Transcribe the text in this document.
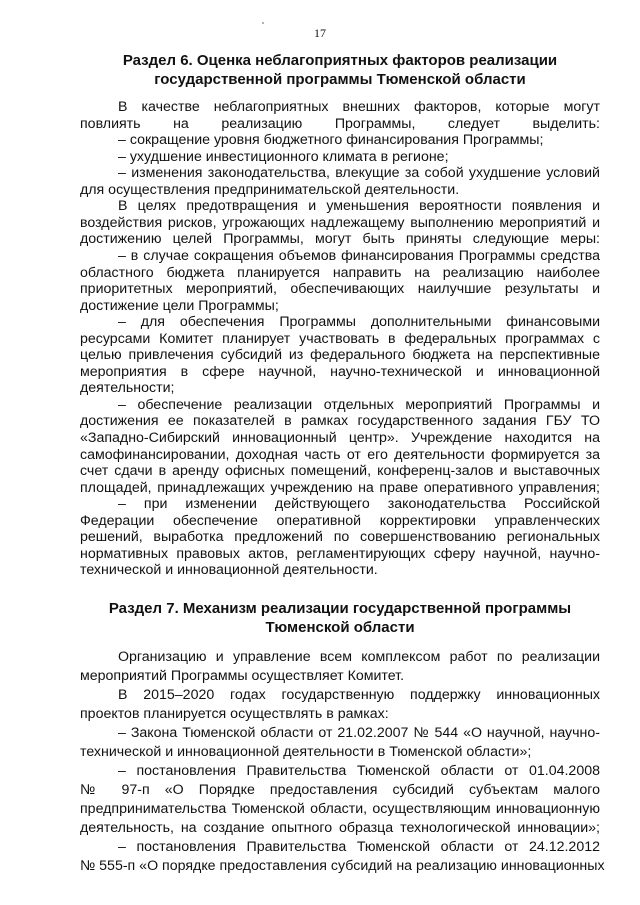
17
Раздел 6. Оценка неблагоприятных факторов реализации
государственной программы Тюменской области
В качестве неблагоприятных внешних факторов, которые могут
повлиять на реализацию Программы, следует выделить:
– сокращение уровня бюджетного финансирования Программы;
– ухудшение инвестиционного климата в регионе;
– изменения законодательства, влекущие за собой ухудшение условий
для осуществления предпринимательской деятельности.
В целях предотвращения и уменьшения вероятности появления и
воздействия рисков, угрожающих надлежащему выполнению мероприятий и
достижению целей Программы, могут быть приняты следующие меры:
– в случае сокращения объемов финансирования Программы средства
областного бюджета планируется направить на реализацию наиболее
приоритетных мероприятий, обеспечивающих наилучшие результаты и
достижение цели Программы;
– для обеспечения Программы дополнительными финансовыми
ресурсами Комитет планирует участвовать в федеральных программах с
целью привлечения субсидий из федерального бюджета на перспективные
мероприятия в сфере научной, научно-технической и инновационной
деятельности;
– обеспечение реализации отдельных мероприятий Программы и
достижения ее показателей в рамках государственного задания ГБУ ТО
«Западно-Сибирский инновационный центр». Учреждение находится на
самофинансировании, доходная часть от его деятельности формируется за
счет сдачи в аренду офисных помещений, конференц-залов и выставочных
площадей, принадлежащих учреждению на праве оперативного управления;
– при изменении действующего законодательства Российской
Федерации обеспечение оперативной корректировки управленческих
решений, выработка предложений по совершенствованию региональных
нормативных правовых актов, регламентирующих сферу научной, научно-
технической и инновационной деятельности.
Раздел 7. Механизм реализации государственной программы
Тюменской области
Организацию и управление всем комплексом работ по реализации
мероприятий Программы осуществляет Комитет.
В 2015–2020 годах государственную поддержку инновационных
проектов планируется осуществлять в рамках:
– Закона Тюменской области от 21.02.2007 № 544 «О научной, научно-
технической и инновационной деятельности в Тюменской области»;
– постановления Правительства Тюменской области от 01.04.2008
№ 97-п «О Порядке предоставления субсидий субъектам малого
предпринимательства Тюменской области, осуществляющим инновационную
деятельность, на создание опытного образца технологической инновации»;
– постановления Правительства Тюменской области от 24.12.2012
№ 555-п «О порядке предоставления субсидий на реализацию инновационных
